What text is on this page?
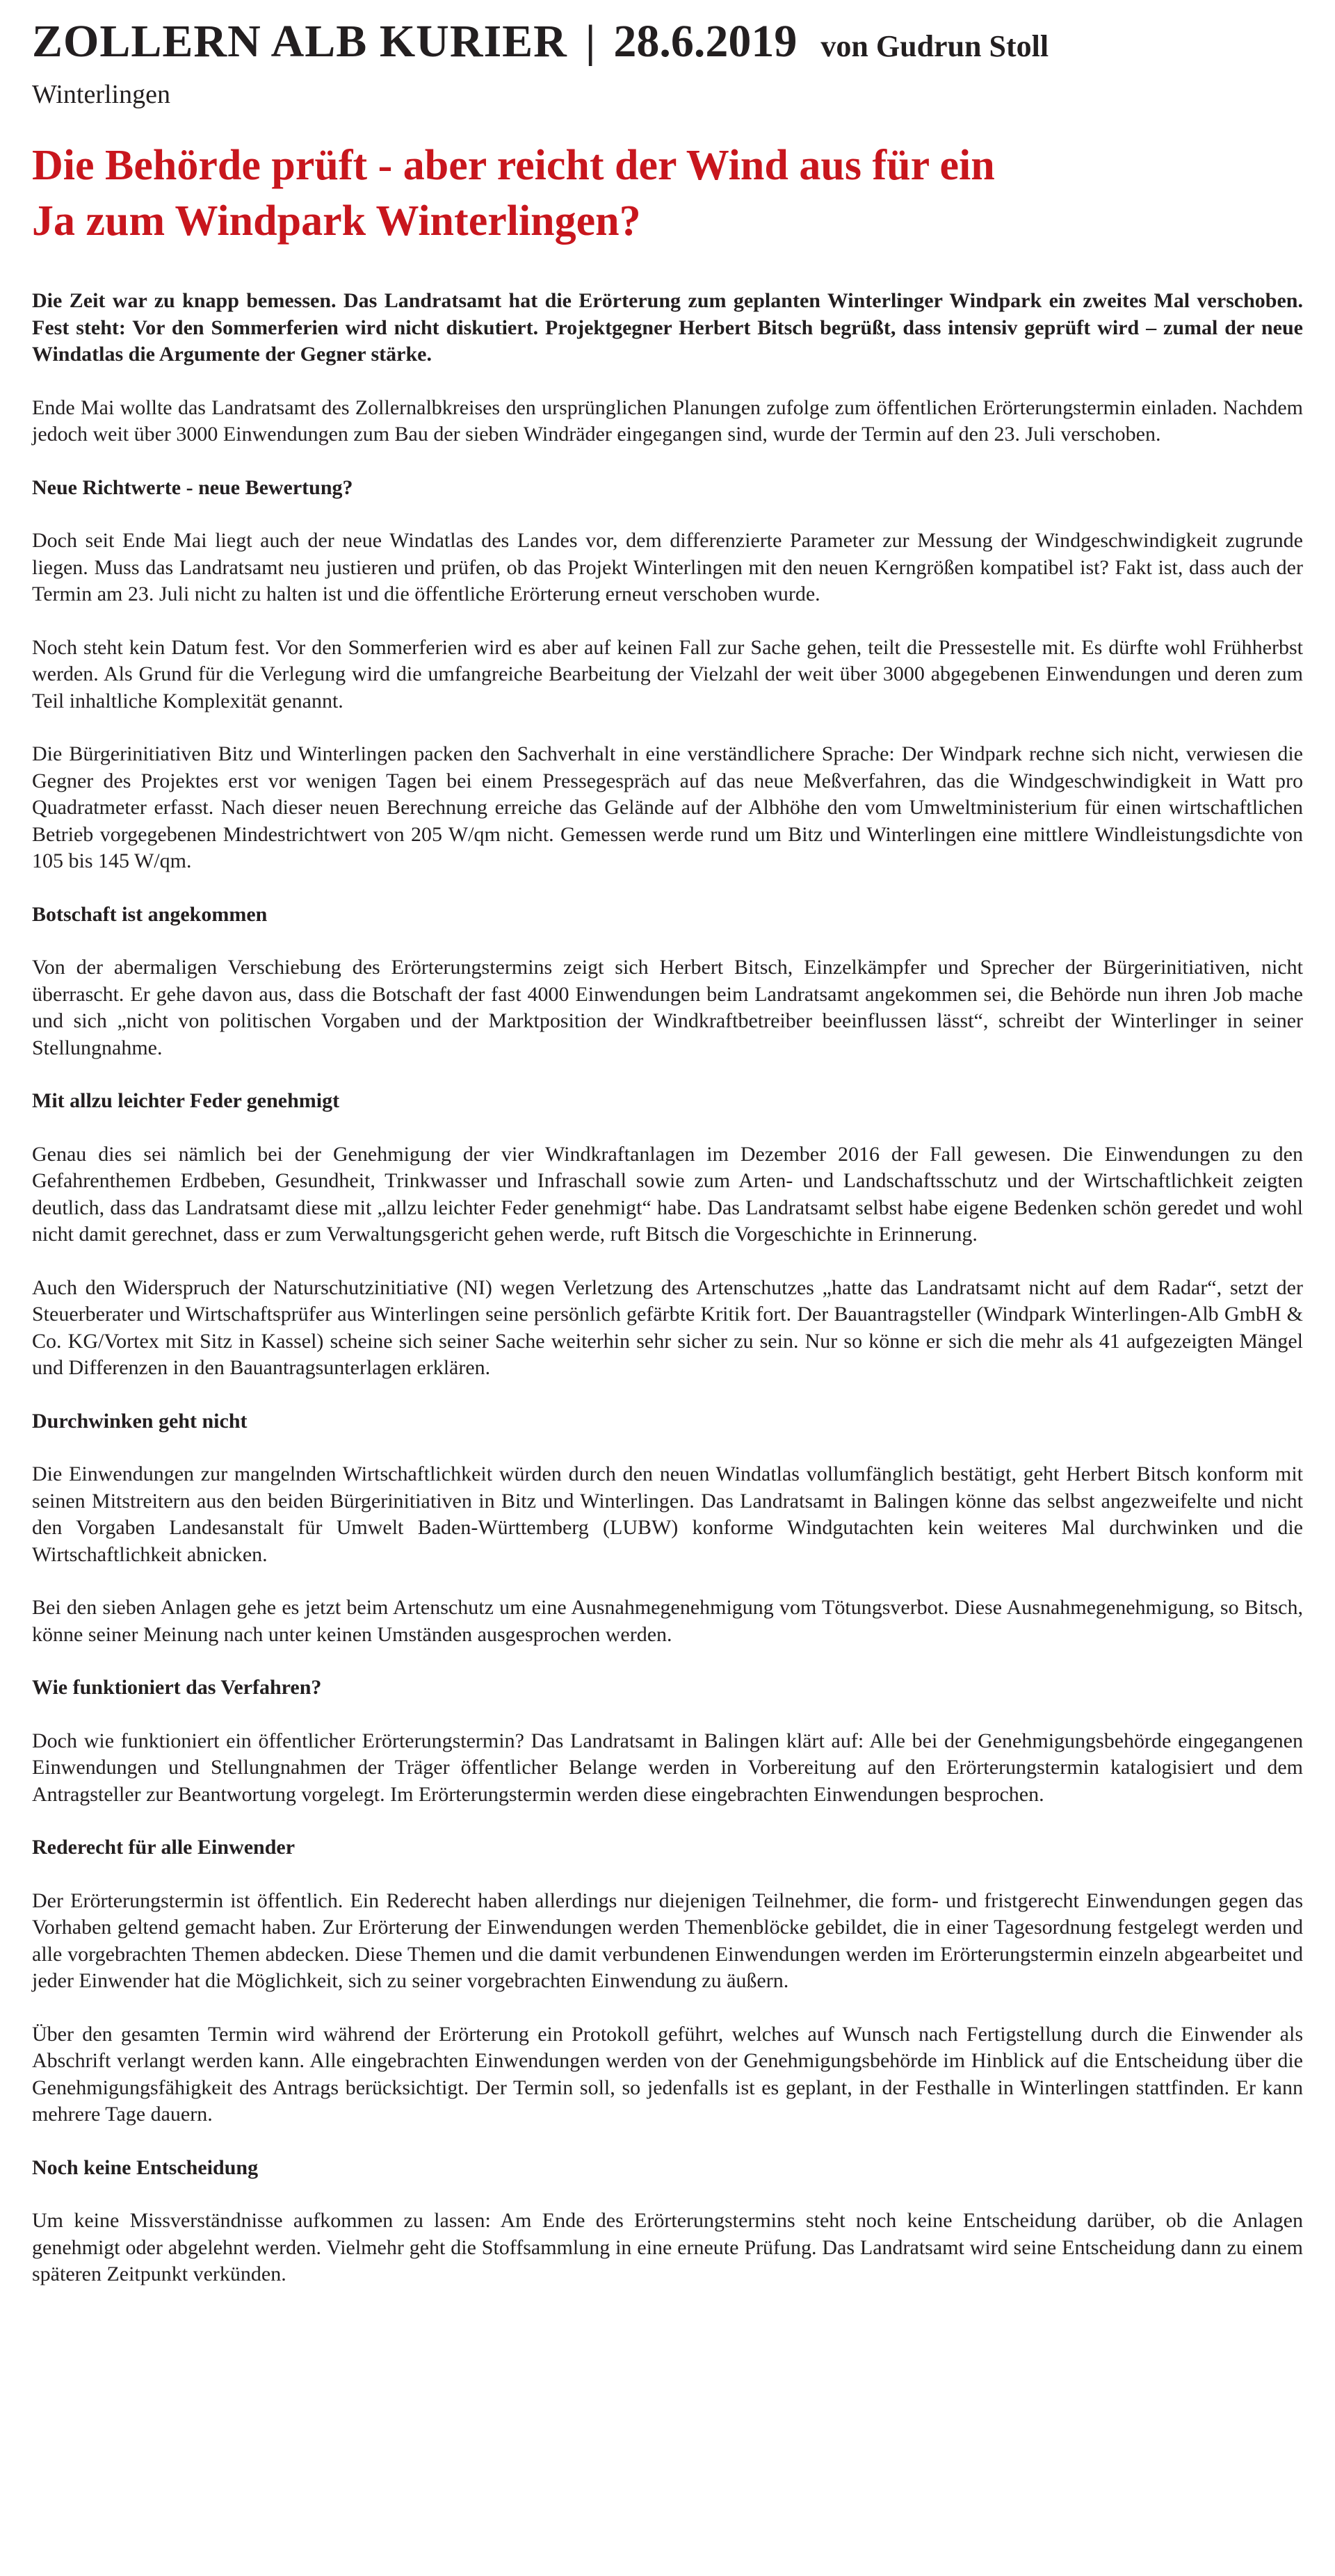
ZOLLERN ALB KURIER | 28.6.2019 von Gudrun Stoll
Winterlingen
Die Behörde prüft - aber reicht der Wind aus für ein
Ja zum Windpark Winterlingen?

Die Zeit war zu knapp bemessen. Das Landratsamt hat die Erörterung zum geplanten Winterlinger Windpark ein zweites Mal verschoben. Fest steht: Vor den Sommerferien wird nicht diskutiert. Projektgegner Herbert Bitsch begrüßt, dass intensiv geprüft wird – zumal der neue Windatlas die Argumente der Gegner stärke.

Ende Mai wollte das Landratsamt des Zollernalbkreises den ursprünglichen Planungen zufolge zum öffentlichen Erörterungstermin einladen. Nachdem jedoch weit über 3000 Einwendungen zum Bau der sieben Windräder eingegangen sind, wurde der Termin auf den 23. Juli verschoben.

Neue Richtwerte - neue Bewertung?

Doch seit Ende Mai liegt auch der neue Windatlas des Landes vor, dem differenzierte Parameter zur Messung der Windgeschwindigkeit zugrunde liegen. Muss das Landratsamt neu justieren und prüfen, ob das Projekt Winterlingen mit den neuen Kerngrößen kompatibel ist? Fakt ist, dass auch der Termin am 23. Juli nicht zu halten ist und die öffentliche Erörterung erneut verschoben wurde.

Noch steht kein Datum fest. Vor den Sommerferien wird es aber auf keinen Fall zur Sache gehen, teilt die Pressestelle mit. Es dürfte wohl Frühherbst werden. Als Grund für die Verlegung wird die umfangreiche Bearbeitung der Vielzahl der weit über 3000 abgegebenen Einwendungen und deren zum Teil inhaltliche Komplexität genannt.

Die Bürgerinitiativen Bitz und Winterlingen packen den Sachverhalt in eine verständlichere Sprache: Der Windpark rechne sich nicht, verwiesen die Gegner des Projektes erst vor wenigen Tagen bei einem Pressegespräch auf das neue Meßverfahren, das die Windgeschwindigkeit in Watt pro Quadratmeter erfasst. Nach dieser neuen Berechnung erreiche das Gelände auf der Albhöhe den vom Umweltministerium für einen wirtschaftlichen Betrieb vorgegebenen Mindestrichtwert von 205 W/qm nicht. Gemessen werde rund um Bitz und Winterlingen eine mittlere Windleistungsdichte von 105 bis 145 W/qm.

Botschaft ist angekommen

Von der abermaligen Verschiebung des Erörterungstermins zeigt sich Herbert Bitsch, Einzelkämpfer und Sprecher der Bürgerinitiativen, nicht überrascht. Er gehe davon aus, dass die Botschaft der fast 4000 Einwendungen beim Landratsamt angekommen sei, die Behörde nun ihren Job mache und sich „nicht von politischen Vorgaben und der Marktposition der Windkraftbetreiber beeinflussen lässt“, schreibt der Winterlinger in seiner Stellungnahme.

Mit allzu leichter Feder genehmigt

Genau dies sei nämlich bei der Genehmigung der vier Windkraftanlagen im Dezember 2016 der Fall gewesen. Die Einwendungen zu den Gefahrenthemen Erdbeben, Gesundheit, Trinkwasser und Infraschall sowie zum Arten- und Landschaftsschutz und der Wirtschaftlichkeit zeigten deutlich, dass das Landratsamt diese mit „allzu leichter Feder genehmigt“ habe. Das Landratsamt selbst habe eigene Bedenken schön geredet und wohl nicht damit gerechnet, dass er zum Verwaltungsgericht gehen werde, ruft Bitsch die Vorgeschichte in Erinnerung.

Auch den Widerspruch der Naturschutzinitiative (NI) wegen Verletzung des Artenschutzes „hatte das Landratsamt nicht auf dem Radar“, setzt der Steuerberater und Wirtschaftsprüfer aus Winterlingen seine persönlich gefärbte Kritik fort. Der Bauantragsteller (Windpark Winterlingen-Alb GmbH & Co. KG/Vortex mit Sitz in Kassel) scheine sich seiner Sache weiterhin sehr sicher zu sein. Nur so könne er sich die mehr als 41 aufgezeigten Mängel und Differenzen in den Bauantragsunterlagen erklären.

Durchwinken geht nicht

Die Einwendungen zur mangelnden Wirtschaftlichkeit würden durch den neuen Windatlas vollumfänglich bestätigt, geht Herbert Bitsch konform mit seinen Mitstreitern aus den beiden Bürgerinitiativen in Bitz und Winterlingen. Das Landratsamt in Balingen könne das selbst angezweifelte und nicht den Vorgaben Landesanstalt für Umwelt Baden-Württemberg (LUBW) konforme Windgutachten kein weiteres Mal durchwinken und die Wirtschaftlichkeit abnicken.

Bei den sieben Anlagen gehe es jetzt beim Artenschutz um eine Ausnahmegenehmigung vom Tötungsverbot. Diese Ausnahmegenehmigung, so Bitsch, könne seiner Meinung nach unter keinen Umständen ausgesprochen werden.

Wie funktioniert das Verfahren?

Doch wie funktioniert ein öffentlicher Erörterungstermin? Das Landratsamt in Balingen klärt auf: Alle bei der Genehmigungsbehörde eingegangenen Einwendungen und Stellungnahmen der Träger öffentlicher Belange werden in Vorbereitung auf den Erörterungstermin katalogisiert und dem Antragsteller zur Beantwortung vorgelegt. Im Erörterungstermin werden diese eingebrachten Einwendungen besprochen.

Rederecht für alle Einwender

Der Erörterungstermin ist öffentlich. Ein Rederecht haben allerdings nur diejenigen Teilnehmer, die form- und fristgerecht Einwendungen gegen das Vorhaben geltend gemacht haben. Zur Erörterung der Einwendungen werden Themenblöcke gebildet, die in einer Tagesordnung festgelegt werden und alle vorgebrachten Themen abdecken. Diese Themen und die damit verbundenen Einwendungen werden im Erörterungstermin einzeln abgearbeitet und jeder Einwender hat die Möglichkeit, sich zu seiner vorgebrachten Einwendung zu äußern.

Über den gesamten Termin wird während der Erörterung ein Protokoll geführt, welches auf Wunsch nach Fertigstellung durch die Einwender als Abschrift verlangt werden kann. Alle eingebrachten Einwendungen werden von der Genehmigungsbehörde im Hinblick auf die Entscheidung über die Genehmigungsfähigkeit des Antrags berücksichtigt. Der Termin soll, so jedenfalls ist es geplant, in der Festhalle in Winterlingen stattfinden. Er kann mehrere Tage dauern.

Noch keine Entscheidung

Um keine Missverständnisse aufkommen zu lassen: Am Ende des Erörterungstermins steht noch keine Entscheidung darüber, ob die Anlagen genehmigt oder abgelehnt werden. Vielmehr geht die Stoffsammlung in eine erneute Prüfung. Das Landratsamt wird seine Entscheidung dann zu einem späteren Zeitpunkt verkünden.
